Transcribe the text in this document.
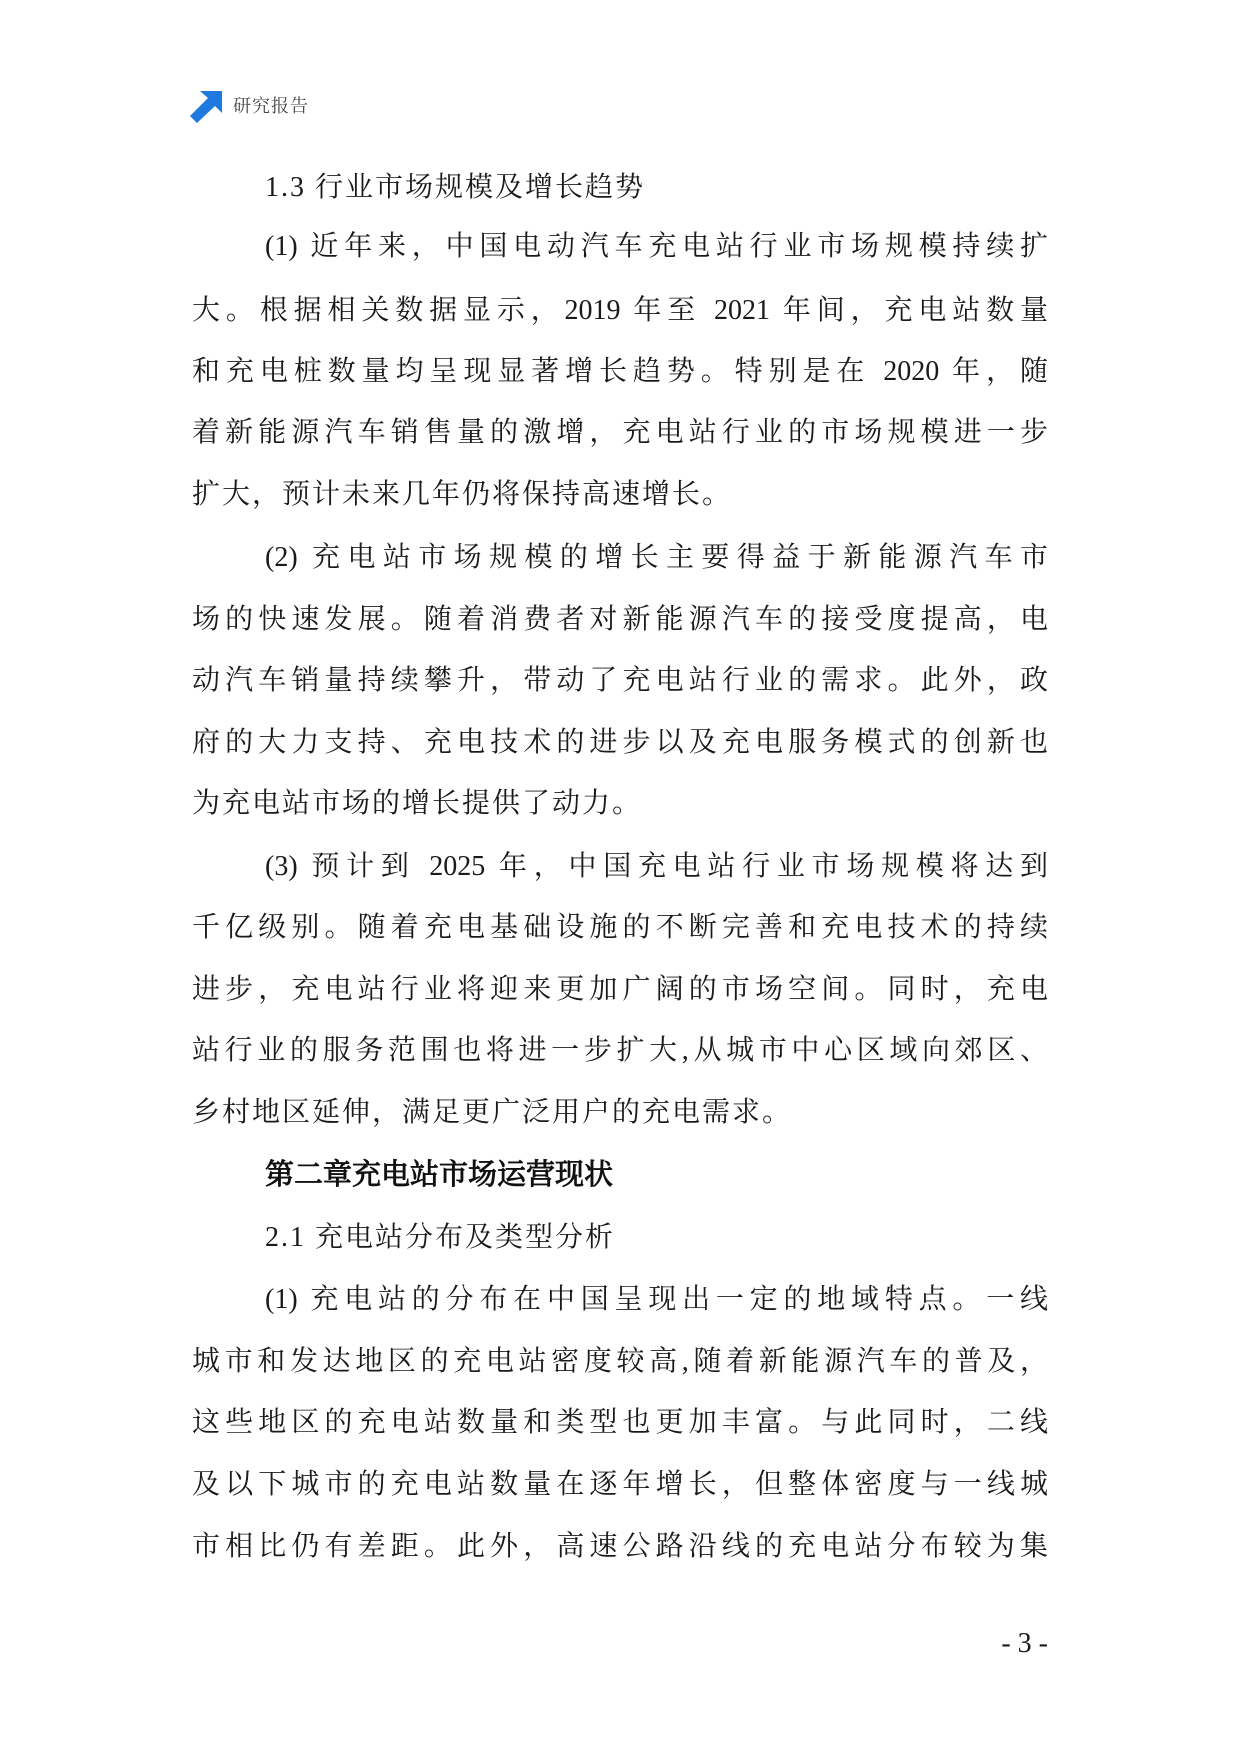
研究报告
1.3 行业市场规模及增长趋势
(1) 近年来，中国电动汽车充电站行业市场规模持续扩
大。根据相关数据显示，2019 年至 2021 年间，充电站数量
和充电桩数量均呈现显著增长趋势。特别是在 2020 年，随
着新能源汽车销售量的激增，充电站行业的市场规模进一步
扩大，预计未来几年仍将保持高速增长。
(2) 充电站市场规模的增长主要得益于新能源汽车市
场的快速发展。随着消费者对新能源汽车的接受度提高，电
动汽车销量持续攀升，带动了充电站行业的需求。此外，政
府的大力支持、充电技术的进步以及充电服务模式的创新也
为充电站市场的增长提供了动力。
(3) 预计到 2025 年，中国充电站行业市场规模将达到
千亿级别。随着充电基础设施的不断完善和充电技术的持续
进步，充电站行业将迎来更加广阔的市场空间。同时，充电
站行业的服务范围也将进一步扩大,从城市中心区域向郊区、
乡村地区延伸，满足更广泛用户的充电需求。
第二章充电站市场运营现状
2.1 充电站分布及类型分析
(1) 充电站的分布在中国呈现出一定的地域特点。一线
城市和发达地区的充电站密度较高,随着新能源汽车的普及，
这些地区的充电站数量和类型也更加丰富。与此同时，二线
及以下城市的充电站数量在逐年增长，但整体密度与一线城
市相比仍有差距。此外，高速公路沿线的充电站分布较为集
- 3 -
